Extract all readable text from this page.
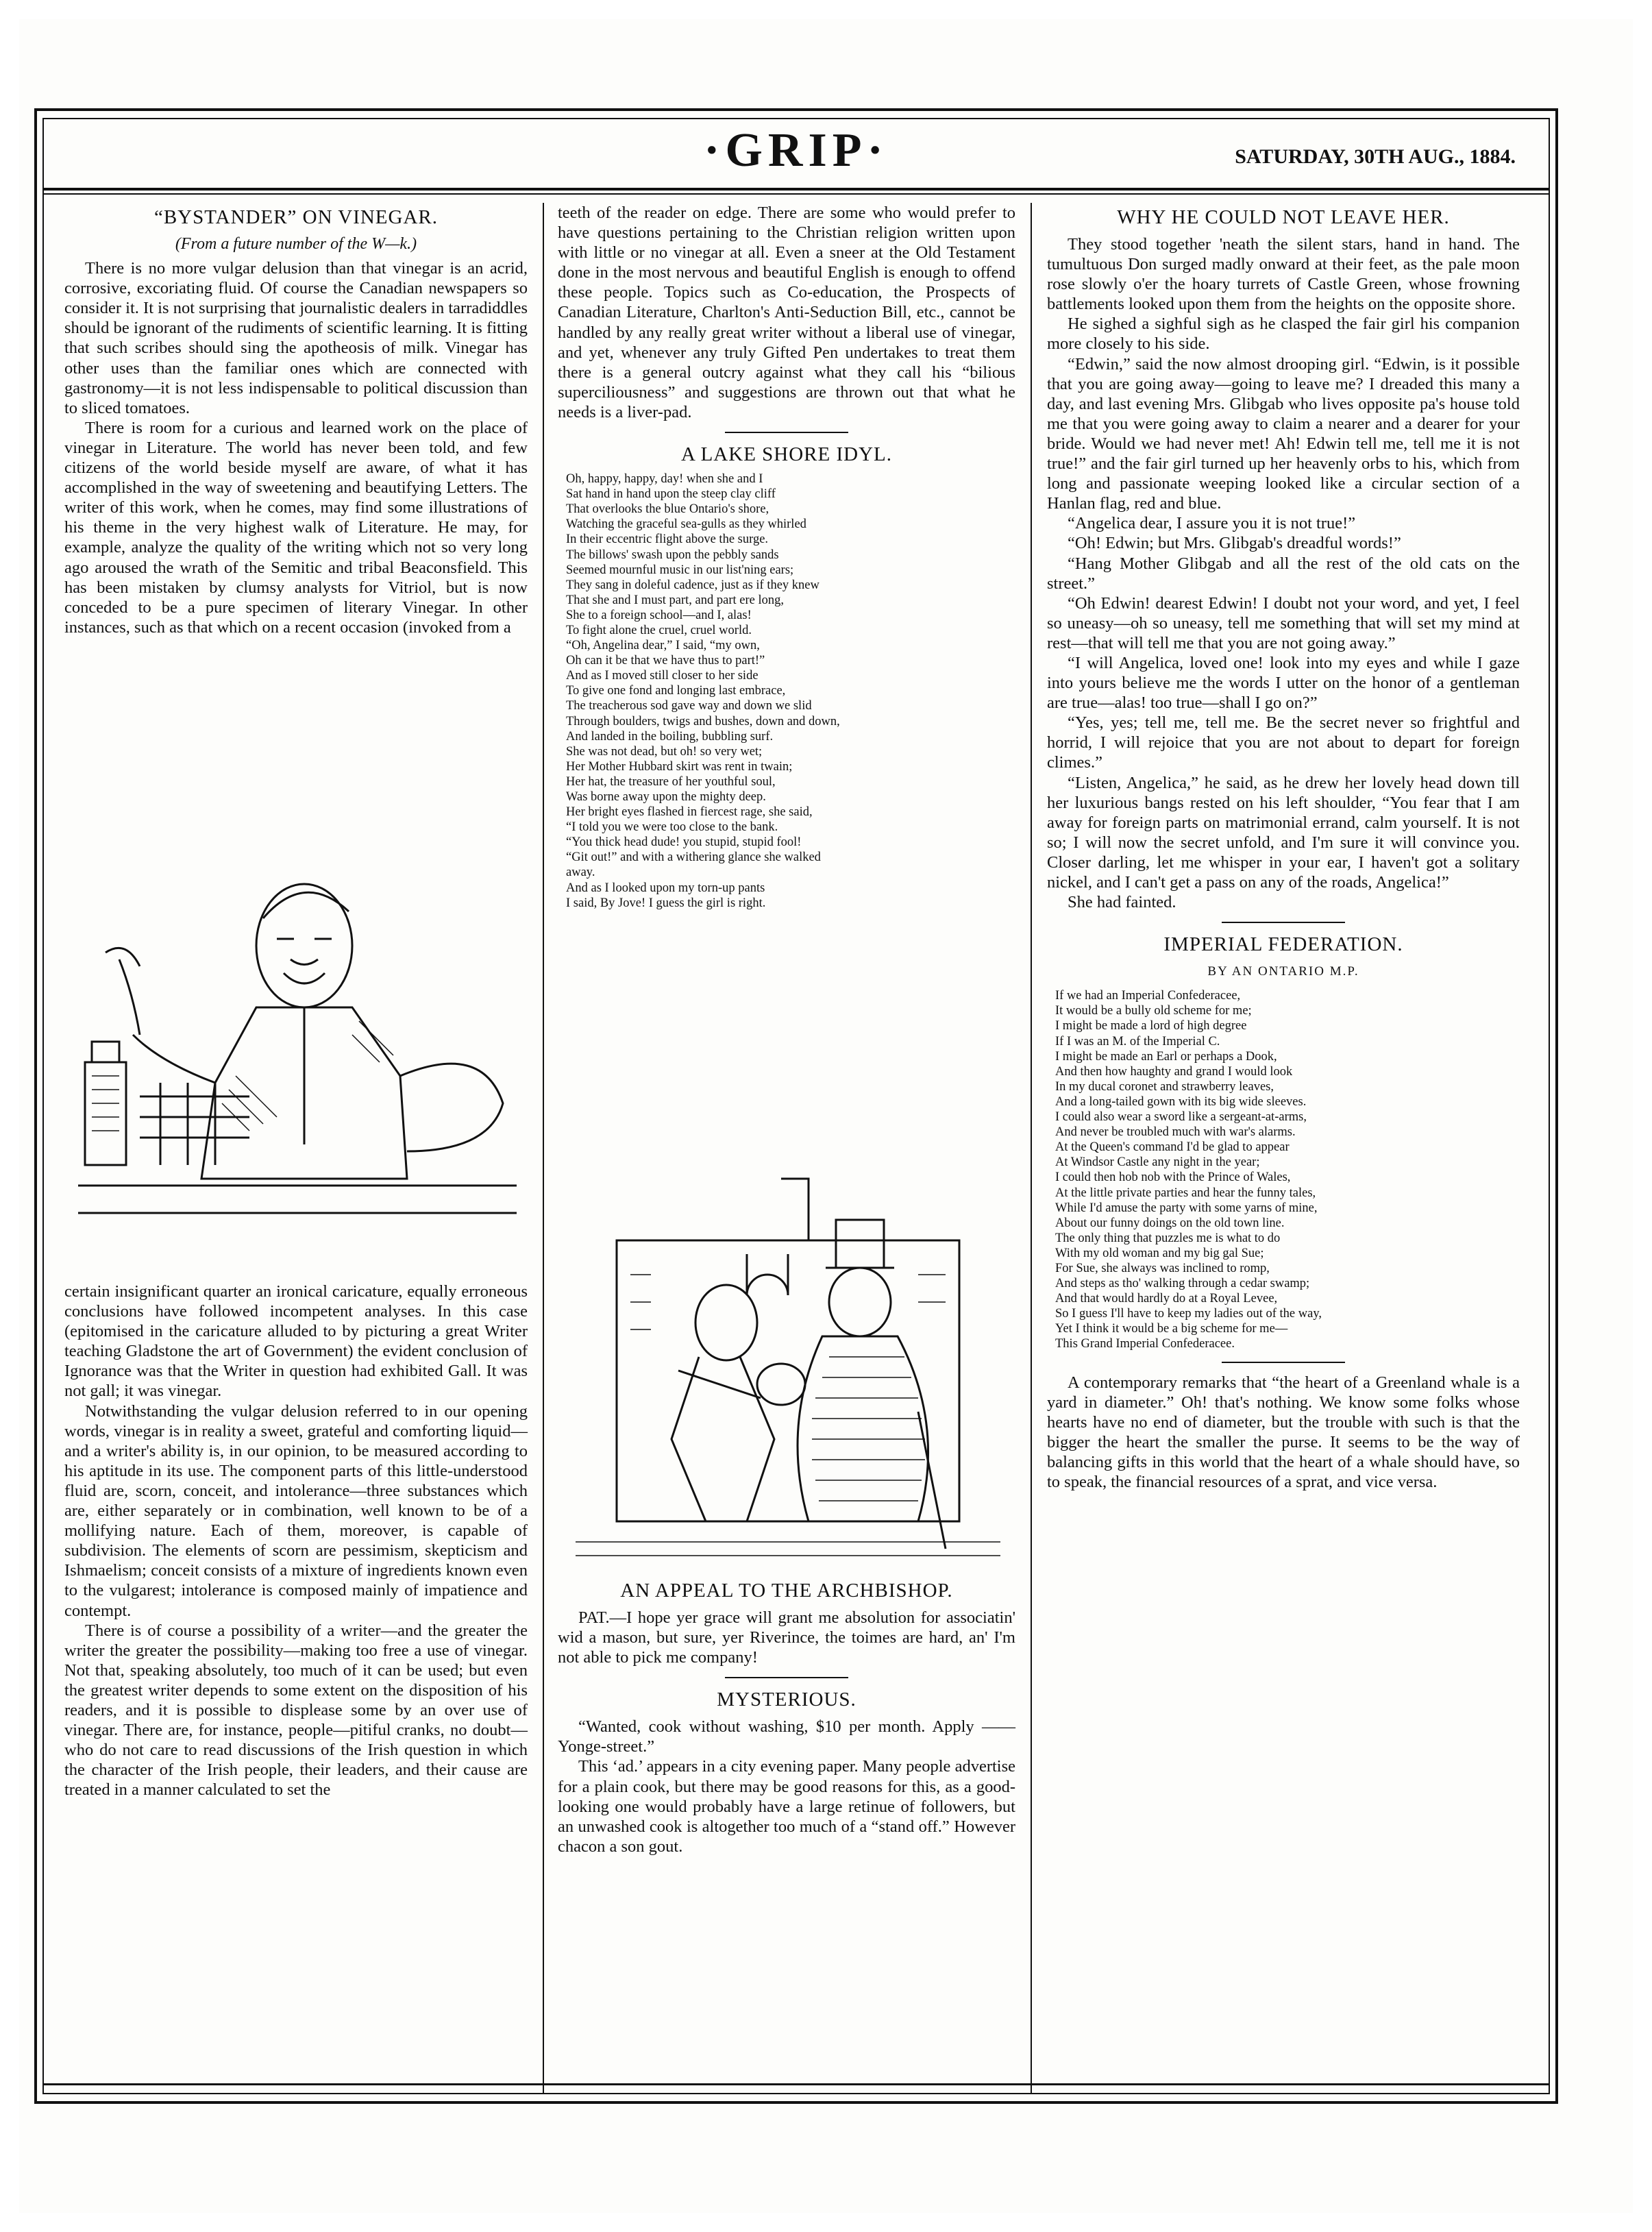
·GRIP·	SATURDAY, 30TH AUG., 1884.
“BYSTANDER” ON VINEGAR.
(From a future number of the W—k.)

There is no more vulgar delusion than that vinegar is an acrid, corrosive, excoriating fluid. Of course the Canadian newspapers so consider it. It is not surprising that journalistic dealers in tarradiddles should be ignorant of the rudiments of scientific learning. It is fitting that such scribes should sing the apotheosis of milk. Vinegar has other uses than the familiar ones which are connected with gastronomy—it is not less indispensable to political discussion than to sliced tomatoes.

There is room for a curious and learned work on the place of vinegar in Literature. The world has never been told, and few citizens of the world beside myself are aware, of what it has accomplished in the way of sweetening and beautifying Letters. The writer of this work, when he comes, may find some illustrations of his theme in the very highest walk of Literature. He may, for example, analyze the quality of the writing which not so very long ago aroused the wrath of the Semitic and tribal Beaconsfield. This has been mistaken by clumsy analysts for Vitriol, but is now conceded to be a pure specimen of literary Vinegar. In other instances, such as that which on a recent occasion (invoked from a

certain insignificant quarter an ironical caricature, equally erroneous conclusions have followed incompetent analyses. In this case (epitomised in the caricature alluded to by picturing a great Writer teaching Gladstone the art of Government) the evident conclusion of Ignorance was that the Writer in question had exhibited Gall. It was not gall; it was vinegar.

Notwithstanding the vulgar delusion referred to in our opening words, vinegar is in reality a sweet, grateful and comforting liquid—and a writer's ability is, in our opinion, to be measured according to his aptitude in its use. The component parts of this little-understood fluid are, scorn, conceit, and intolerance—three substances which are, either separately or in combination, well known to be of a mollifying nature. Each of them, moreover, is capable of subdivision. The elements of scorn are pessimism, skepticism and Ishmaelism; conceit consists of a mixture of ingredients known even to the vulgarest; intolerance is composed mainly of impatience and contempt.

There is of course a possibility of a writer—and the greater the writer the greater the possibility—making too free a use of vinegar. Not that, speaking absolutely, too much of it can be used; but even the greatest writer depends to some extent on the disposition of his readers, and it is possible to displease some by an over use of vinegar. There are, for instance, people—pitiful cranks, no doubt—who do not care to read discussions of the Irish question in which the character of the Irish people, their leaders, and their cause are treated in a manner calculated to set the

teeth of the reader on edge. There are some who would prefer to have questions pertaining to the Christian religion written upon with little or no vinegar at all. Even a sneer at the Old Testament done in the most nervous and beautiful English is enough to offend these people. Topics such as Co-education, the Prospects of Canadian Literature, Charlton's Anti-Seduction Bill, etc., cannot be handled by any really great writer without a liberal use of vinegar, and yet, whenever any truly Gifted Pen undertakes to treat them there is a general outcry against what they call his “bilious superciliousness” and suggestions are thrown out that what he needs is a liver-pad.

A LAKE SHORE IDYL.
Oh, happy, happy, day! when she and I
Sat hand in hand upon the steep clay cliff
That overlooks the blue Ontario's shore,
Watching the graceful sea-gulls as they whirled
In their eccentric flight above the surge.
The billows' swash upon the pebbly sands
Seemed mournful music in our list'ning ears;
They sang in doleful cadence, just as if they knew
That she and I must part, and part ere long,
She to a foreign school—and I, alas!
To fight alone the cruel, cruel world.
“Oh, Angelina dear,” I said, “my own,
Oh can it be that we have thus to part!”
And as I moved still closer to her side
To give one fond and longing last embrace,
The treacherous sod gave way and down we slid
Through boulders, twigs and bushes, down and down,
And landed in the boiling, bubbling surf.
She was not dead, but oh! so very wet;
Her Mother Hubbard skirt was rent in twain;
Her hat, the treasure of her youthful soul,
Was borne away upon the mighty deep.
Her bright eyes flashed in fiercest rage, she said,
“I told you we were too close to the bank.
“You thick head dude! you stupid, stupid fool!
“Git out!” and with a withering glance she walked
away.
And as I looked upon my torn-up pants
I said, By Jove! I guess the girl is right.
AN APPEAL TO THE ARCHBISHOP.

PAT.—I hope yer grace will grant me absolution for associatin' wid a mason, but sure, yer Riverince, the toimes are hard, an' I'm not able to pick me company!

MYSTERIOUS.

“Wanted, cook without washing, $10 per month. Apply —— Yonge-street.”

This ‘ad.’ appears in a city evening paper. Many people advertise for a plain cook, but there may be good reasons for this, as a good-looking one would probably have a large retinue of followers, but an unwashed cook is altogether too much of a “stand off.” However chacon a son gout.

WHY HE COULD NOT LEAVE HER.

They stood together 'neath the silent stars, hand in hand. The tumultuous Don surged madly onward at their feet, as the pale moon rose slowly o'er the hoary turrets of Castle Green, whose frowning battlements looked upon them from the heights on the opposite shore.

He sighed a sighful sigh as he clasped the fair girl his companion more closely to his side.

“Edwin,” said the now almost drooping girl. “Edwin, is it possible that you are going away—going to leave me? I dreaded this many a day, and last evening Mrs. Glibgab who lives opposite pa's house told me that you were going away to claim a nearer and a dearer for your bride. Would we had never met! Ah! Edwin tell me, tell me it is not true!” and the fair girl turned up her heavenly orbs to his, which from long and passionate weeping looked like a circular section of a Hanlan flag, red and blue.

“Angelica dear, I assure you it is not true!”

“Oh! Edwin; but Mrs. Glibgab's dreadful words!”

“Hang Mother Glibgab and all the rest of the old cats on the street.”

“Oh Edwin! dearest Edwin! I doubt not your word, and yet, I feel so uneasy—oh so uneasy, tell me something that will set my mind at rest—that will tell me that you are not going away.”

“I will Angelica, loved one! look into my eyes and while I gaze into yours believe me the words I utter on the honor of a gentleman are true—alas! too true—shall I go on?”

“Yes, yes; tell me, tell me. Be the secret never so frightful and horrid, I will rejoice that you are not about to depart for foreign climes.”

“Listen, Angelica,” he said, as he drew her lovely head down till her luxurious bangs rested on his left shoulder, “You fear that I am away for foreign parts on matrimonial errand, calm yourself. It is not so; I will now the secret unfold, and I'm sure it will convince you. Closer darling, let me whisper in your ear, I haven't got a solitary nickel, and I can't get a pass on any of the roads, Angelica!”

She had fainted.

IMPERIAL FEDERATION.
BY AN ONTARIO M.P.
If we had an Imperial Confederacee,
It would be a bully old scheme for me;
I might be made a lord of high degree
If I was an M. of the Imperial C.
I might be made an Earl or perhaps a Dook,
And then how haughty and grand I would look
In my ducal coronet and strawberry leaves,
And a long-tailed gown with its big wide sleeves.
I could also wear a sword like a sergeant-at-arms,
And never be troubled much with war's alarms.
At the Queen's command I'd be glad to appear
At Windsor Castle any night in the year;
I could then hob nob with the Prince of Wales,
At the little private parties and hear the funny tales,
While I'd amuse the party with some yarns of mine,
About our funny doings on the old town line.
The only thing that puzzles me is what to do
With my old woman and my big gal Sue;
For Sue, she always was inclined to romp,
And steps as tho' walking through a cedar swamp;
And that would hardly do at a Royal Levee,
So I guess I'll have to keep my ladies out of the way,
Yet I think it would be a big scheme for me—
This Grand Imperial Confederacee.

A contemporary remarks that “the heart of a Greenland whale is a yard in diameter.” Oh! that's nothing. We know some folks whose hearts have no end of diameter, but the trouble with such is that the bigger the heart the smaller the purse. It seems to be the way of balancing gifts in this world that the heart of a whale should have, so to speak, the financial resources of a sprat, and vice versa.
